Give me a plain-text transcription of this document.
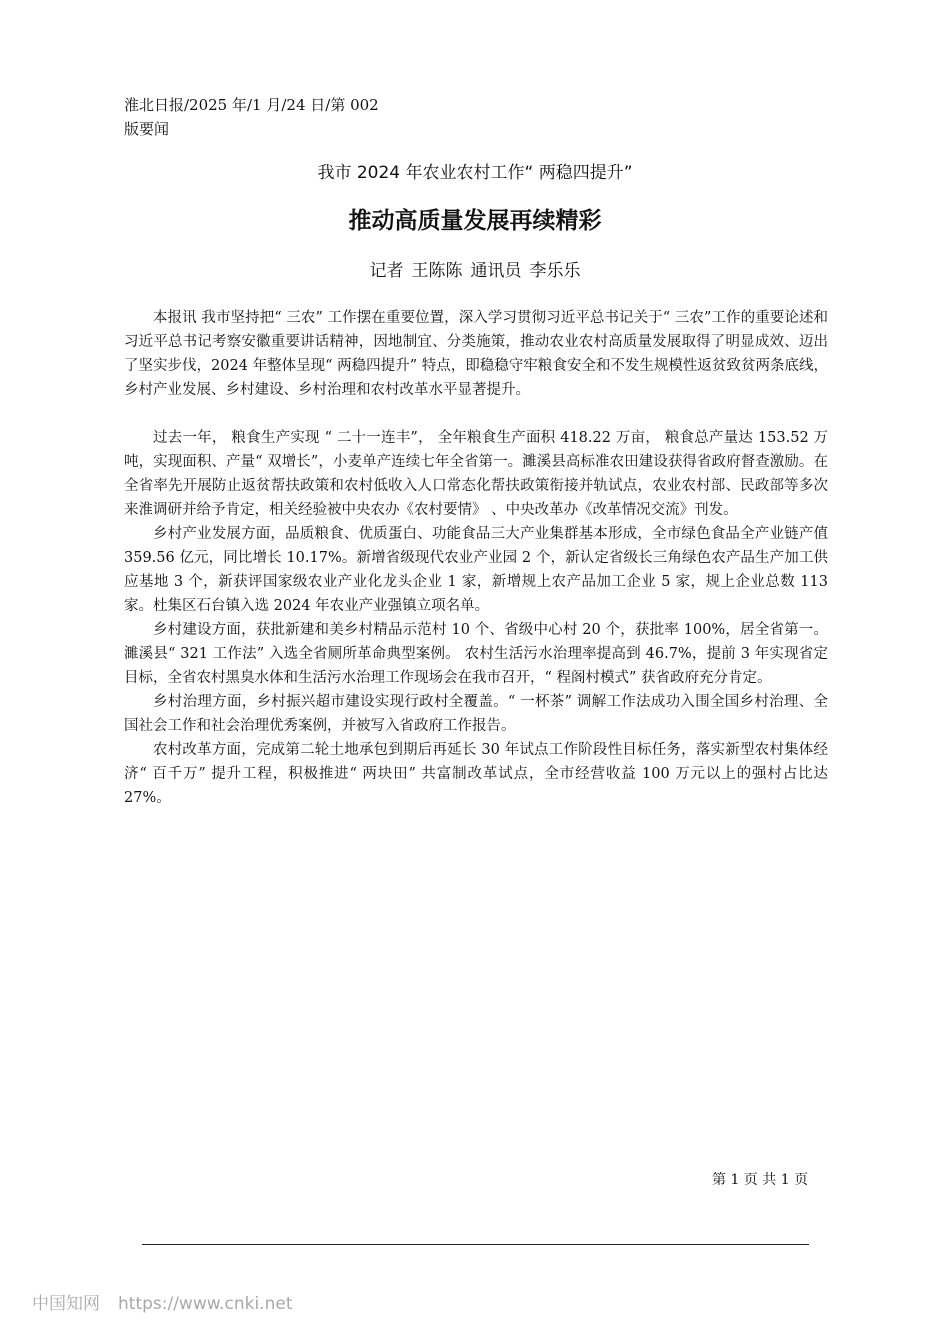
淮北日报/2025 年/1 月/24 日/第 002
版要闻
我市 2024 年农业农村工作“ 两稳四提升”
推动高质量发展再续精彩
记者 王陈陈 通讯员 李乐乐

本报讯 我市坚持把“ 三农” 工作摆在重要位置，深入学习贯彻习近平总书记关于“ 三农”工作的重要论述和习近平总书记考察安徽重要讲话精神，因地制宜、分类施策，推动农业农村高质量发展取得了明显成效、迈出了坚实步伐，2024 年整体呈现“ 两稳四提升” 特点，即稳稳守牢粮食安全和不发生规模性返贫致贫两条底线，乡村产业发展、乡村建设、乡村治理和农村改革水平显著提升。

过去一年， 粮食生产实现 “ 二十一连丰”， 全年粮食生产面积 418.22 万亩， 粮食总产量达 153.52 万吨，实现面积、产量“ 双增长”，小麦单产连续七年全省第一。濉溪县高标准农田建设获得省政府督查激励。在全省率先开展防止返贫帮扶政策和农村低收入人口常态化帮扶政策衔接并轨试点，农业农村部、民政部等多次来淮调研并给予肯定，相关经验被中央农办《农村要情》 、中央改革办《改革情况交流》刊发。

乡村产业发展方面，品质粮食、优质蛋白、功能食品三大产业集群基本形成，全市绿色食品全产业链产值 359.56 亿元，同比增长 10.17%。新增省级现代农业产业园 2 个，新认定省级长三角绿色农产品生产加工供应基地 3 个，新获评国家级农业产业化龙头企业 1 家，新增规上农产品加工企业 5 家，规上企业总数 113 家。杜集区石台镇入选 2024 年农业产业强镇立项名单。

乡村建设方面，获批新建和美乡村精品示范村 10 个、省级中心村 20 个，获批率 100%，居全省第一。 濉溪县“ 321 工作法” 入选全省厕所革命典型案例。 农村生活污水治理率提高到 46.7%，提前 3 年实现省定目标，全省农村黑臭水体和生活污水治理工作现场会在我市召开，“ 程阁村模式” 获省政府充分肯定。

乡村治理方面，乡村振兴超市建设实现行政村全覆盖。“ 一杯茶” 调解工作法成功入围全国乡村治理、全国社会工作和社会治理优秀案例，并被写入省政府工作报告。

农村改革方面，完成第二轮土地承包到期后再延长 30 年试点工作阶段性目标任务，落实新型农村集体经济“ 百千万” 提升工程，积极推进“ 两块田” 共富制改革试点，全市经营收益 100 万元以上的强村占比达 27%。

第 1 页 共 1 页
中国知网 https://www.cnki.net
